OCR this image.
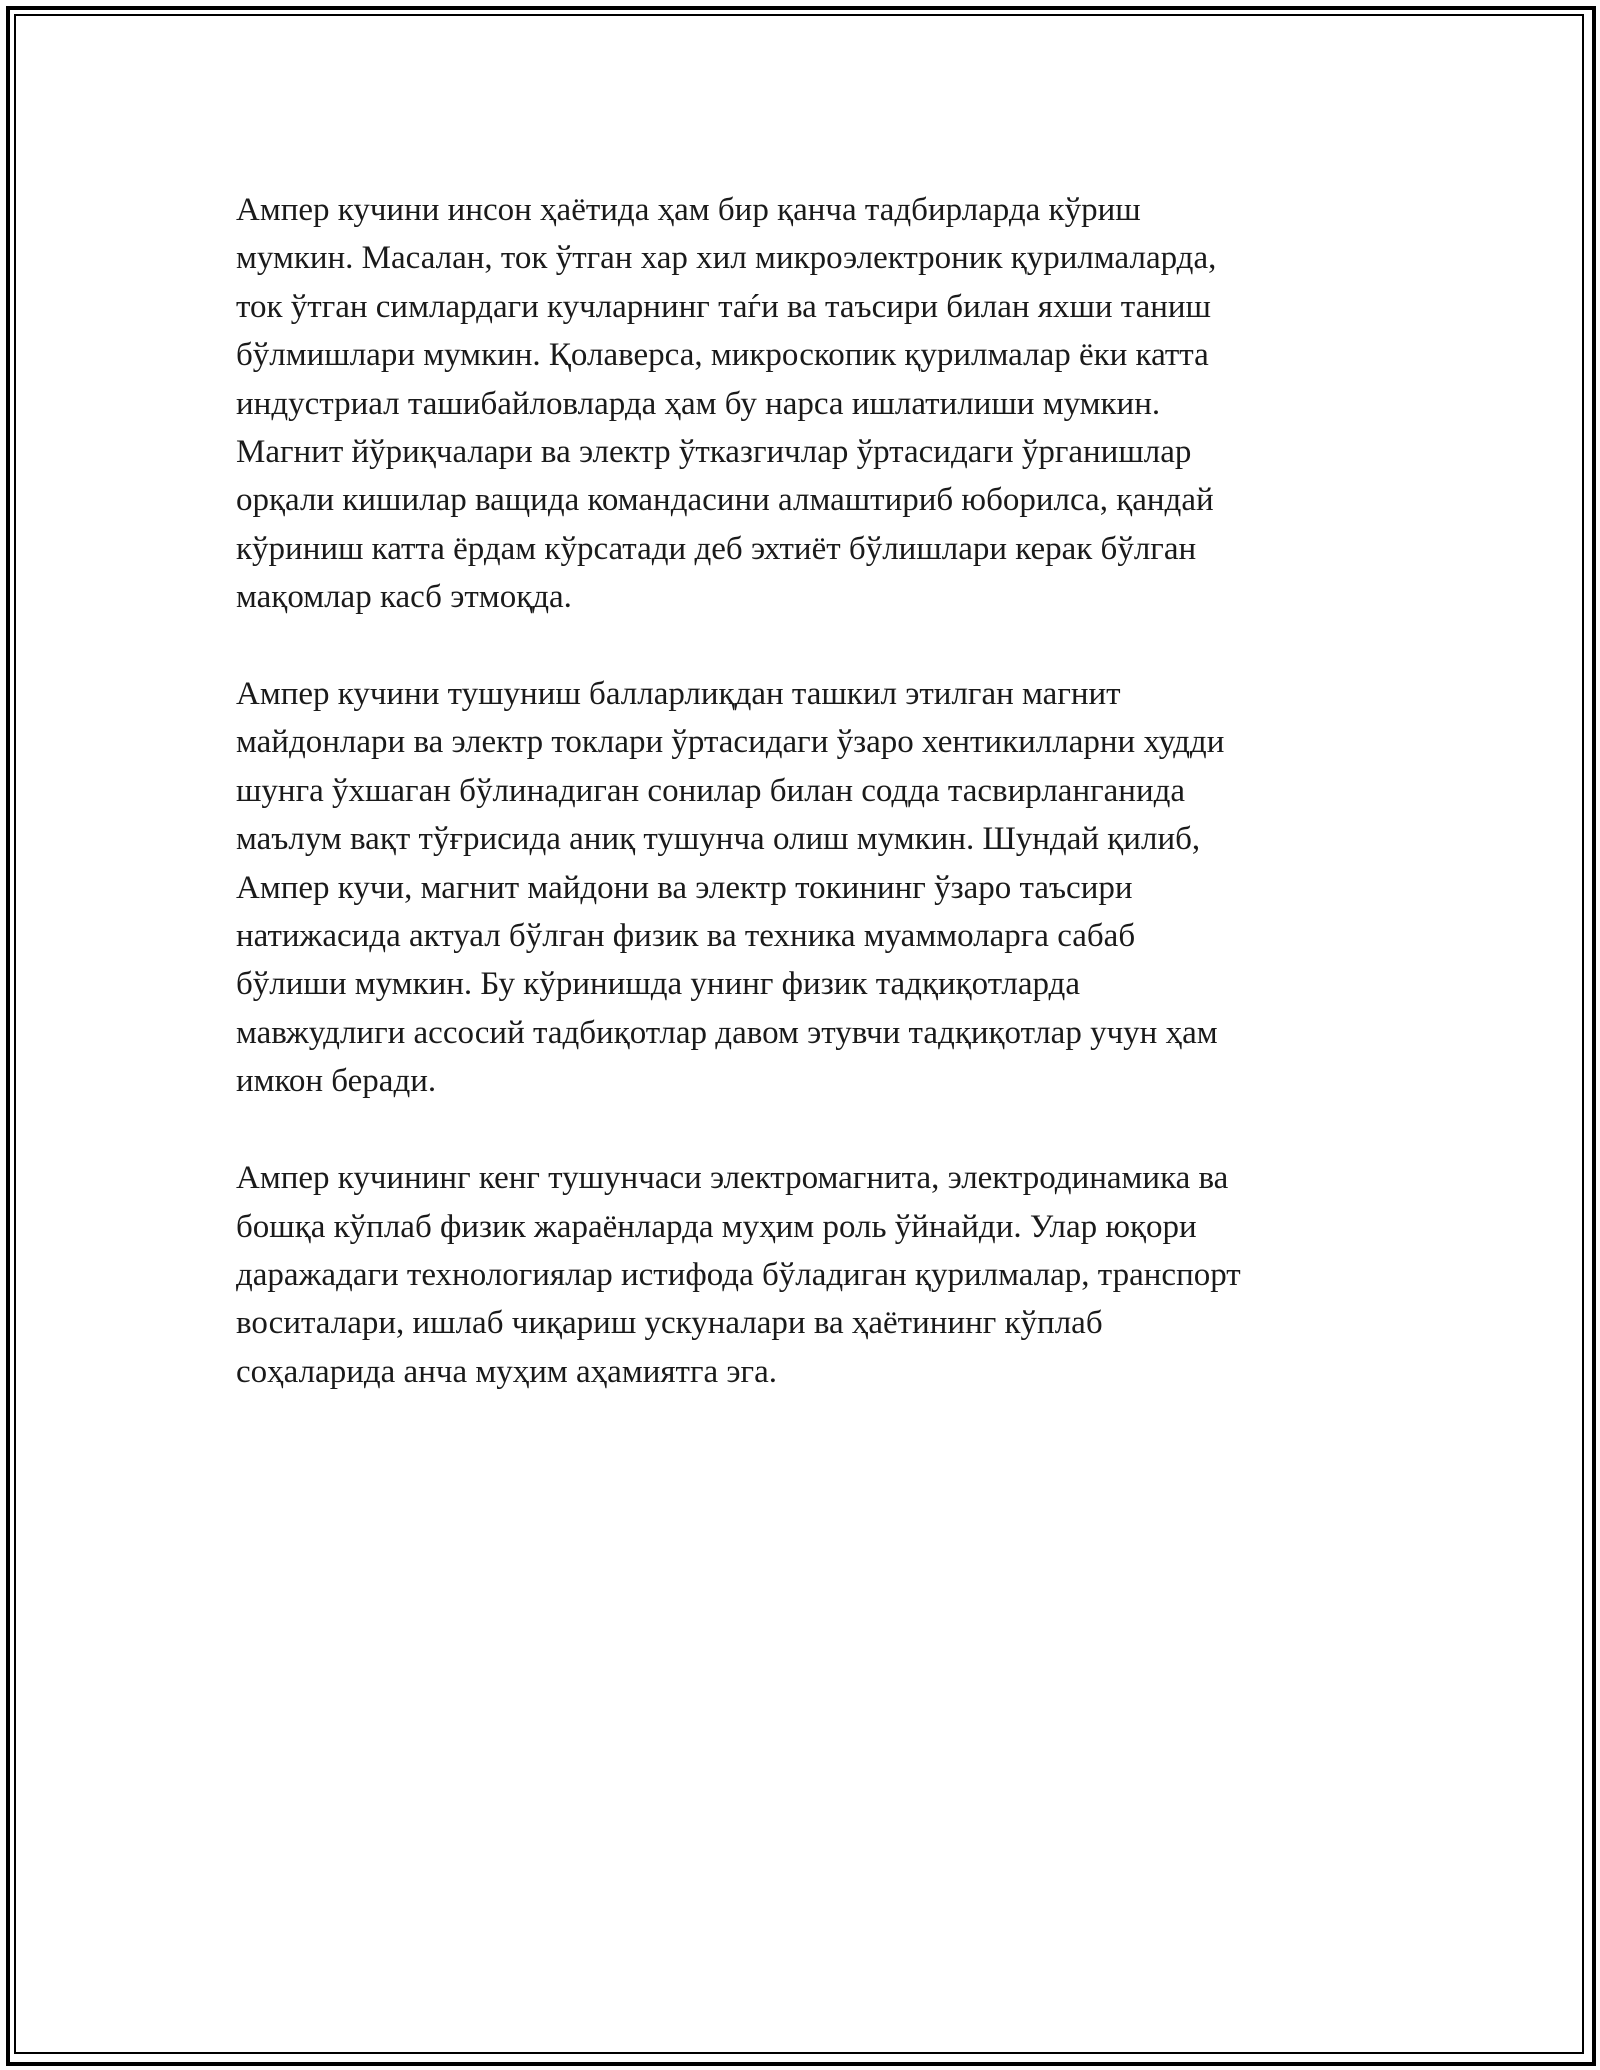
Ампер кучини инсон ҳаётида ҳам бир қанча тадбирларда кўриш
мумкин. Масалан, ток ўтган хар хил микроэлектроник қурилмаларда,
ток ўтган симлардаги кучларнинг таѓи ва таъсири билан яхши таниш
бўлмишлари мумкин. Қолаверса, микроскопик қурилмалар ёки катта
индустриал ташибайловларда ҳам бу нарса ишлатилиши мумкин.
Магнит йўриқчалари ва электр ўтказгичлар ўртасидаги ўрганишлар
орқали кишилар ващида командасини алмаштириб юборилса, қандай
кўриниш катта ёрдам кўрсатади деб эхтиёт бўлишлари керак бўлган
мақомлар касб этмоқда.
Ампер кучини тушуниш балларлиқдан ташкил этилган магнит
майдонлари ва электр токлари ўртасидаги ўзаро хентикилларни худди
шунга ўхшаган бўлинадиган сонилар билан содда тасвирланганида
маълум вақт тўғрисида аниқ тушунча олиш мумкин. Шундай қилиб,
Ампер кучи, магнит майдони ва электр токининг ўзаро таъсири
натижасида актуал бўлган физик ва техника муаммоларга сабаб
бўлиши мумкин. Бу кўринишда унинг физик тадқиқотларда
мавжудлиги ассосий тадбиқотлар давом этувчи тадқиқотлар учун ҳам
имкон беради.
Ампер кучининг кенг тушунчаси электромагнита, электродинамика ва
бошқа кўплаб физик жараёнларда муҳим роль ўйнайди. Улар юқори
даражадаги технологиялар истифода бўладиган қурилмалар, транспорт
воситалари, ишлаб чиқариш ускуналари ва ҳаётининг кўплаб
соҳаларида анча муҳим аҳамиятга эга.
